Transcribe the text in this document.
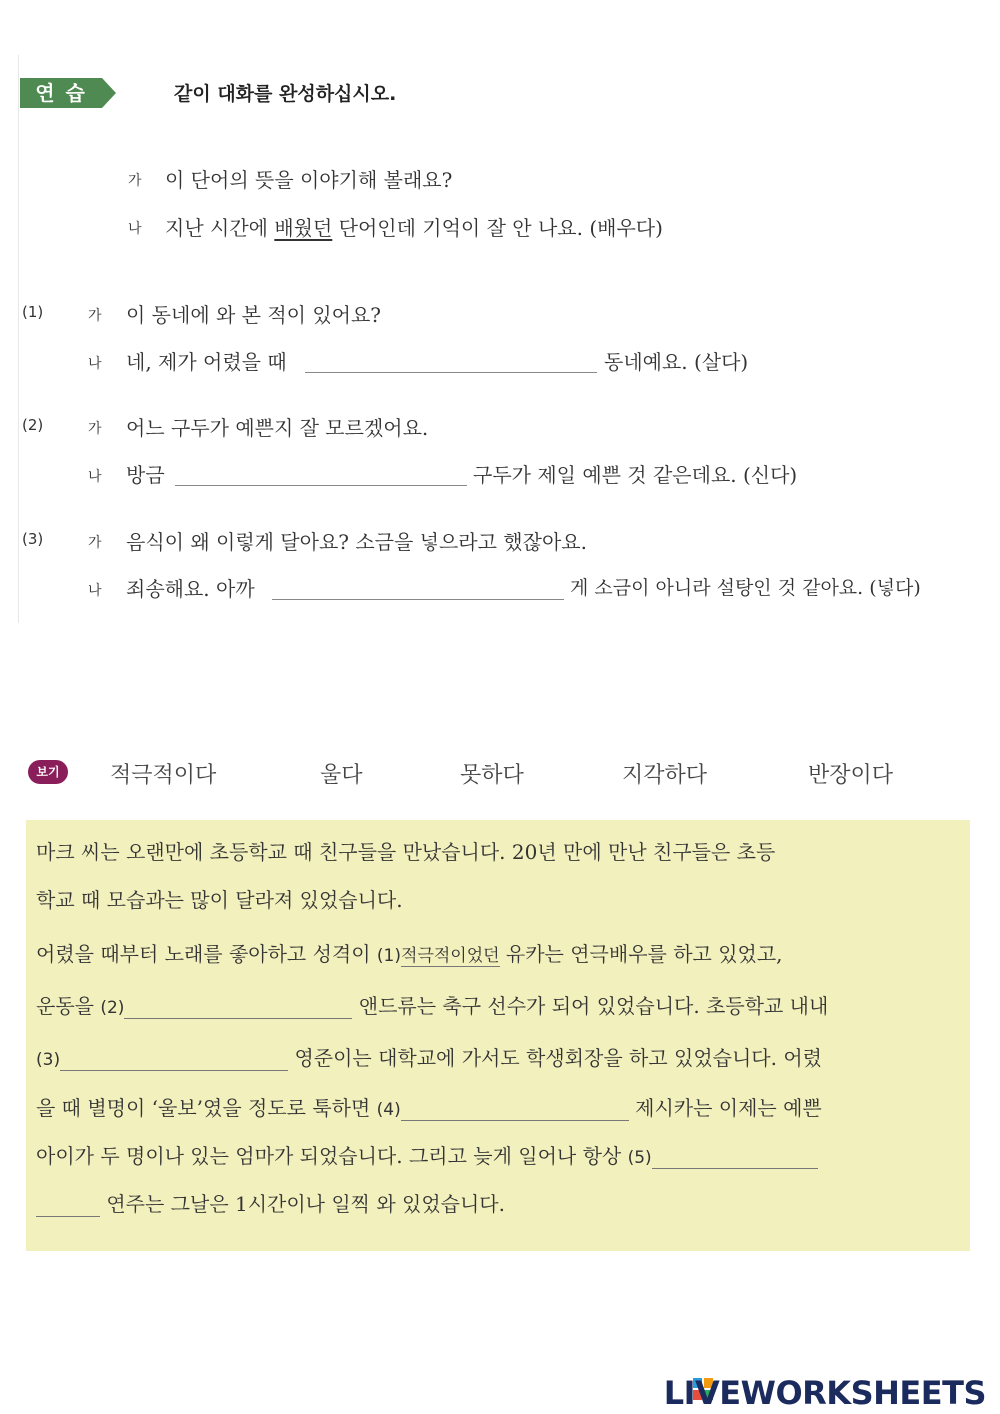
연 습	같이 대화를 완성하십시오.
가 이 단어의 뜻을 이야기해 볼래요?
나 지난 시간에 배웠던 단어인데 기억이 잘 안 나요. (배우다)
(1)	가 이 동네에 와 본 적이 있어요?
나 네, 제가 어렸을 때	동네예요. (살다)
(2)	가 어느 구두가 예쁜지 잘 모르겠어요.
나 방금	구두가 제일 예쁜 것 같은데요. (신다)
(3)	가 음식이 왜 이렇게 달아요? 소금을 넣으라고 했잖아요.
나 죄송해요. 아까	게 소금이 아니라 설탕인 것 같아요. (넣다)
보기	적극적이다	울다	못하다	지각하다	반장이다
마크 씨는 오랜만에 초등학교 때 친구들을 만났습니다. 20년 만에 만난 친구들은 초등
학교 때 모습과는 많이 달라져 있었습니다.
어렸을 때부터 노래를 좋아하고 성격이 (1)적극적이었던 유카는 연극배우를 하고 있었고,
운동을 (2)	앤드류는 축구 선수가 되어 있었습니다. 초등학교 내내
(3)	영준이는 대학교에 가서도 학생회장을 하고 있었습니다. 어렸
을 때 별명이 ‘울보’였을 정도로 툭하면 (4)	제시카는 이제는 예쁜
아이가 두 명이나 있는 엄마가 되었습니다. 그리고 늦게 일어나 항상 (5)
연주는 그날은 1시간이나 일찍 와 있었습니다.
LIVEWORKSHEETS
